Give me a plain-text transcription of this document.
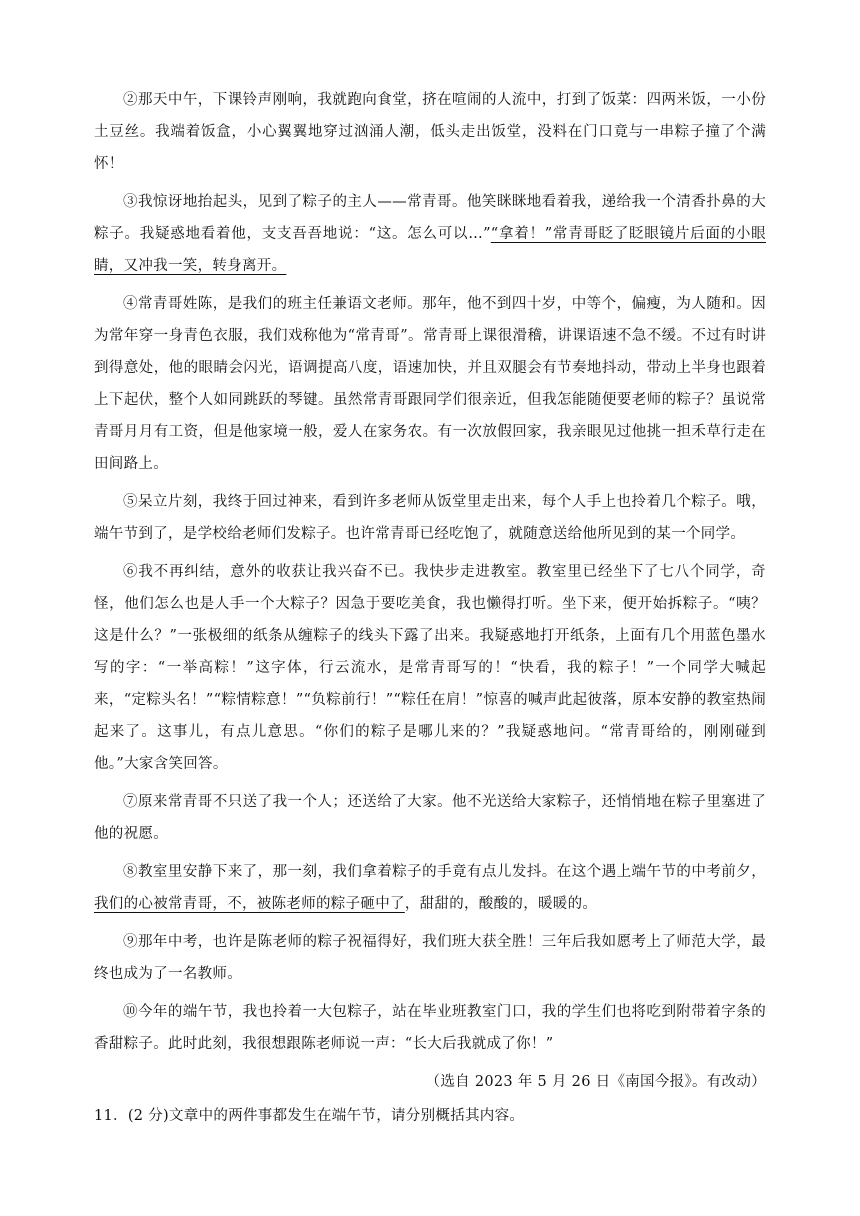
②那天中午，下课铃声刚响，我就跑向食堂，挤在喧闹的人流中，打到了饭菜：四两米饭，一小份土豆丝。我端着饭盒，小心翼翼地穿过汹涌人潮，低头走出饭堂，没料在门口竟与一串粽子撞了个满怀！

③我惊讶地抬起头，见到了粽子的主人——常青哥。他笑眯眯地看着我，递给我一个清香扑鼻的大粽子。我疑惑地看着他，支支吾吾地说：“这。怎么可以…”“拿着！”常青哥眨了眨眼镜片后面的小眼睛，又冲我一笑，转身离开。

④常青哥姓陈，是我们的班主任兼语文老师。那年，他不到四十岁，中等个，偏瘦，为人随和。因为常年穿一身青色衣服，我们戏称他为“常青哥”。常青哥上课很滑稽，讲课语速不急不缓。不过有时讲到得意处，他的眼睛会闪光，语调提高八度，语速加快，并且双腿会有节奏地抖动，带动上半身也跟着上下起伏，整个人如同跳跃的琴键。虽然常青哥跟同学们很亲近，但我怎能随便要老师的粽子？虽说常青哥月月有工资，但是他家境一般，爱人在家务农。有一次放假回家，我亲眼见过他挑一担禾草行走在田间路上。

⑤呆立片刻，我终于回过神来，看到许多老师从饭堂里走出来，每个人手上也拎着几个粽子。哦，端午节到了，是学校给老师们发粽子。也许常青哥已经吃饱了，就随意送给他所见到的某一个同学。

⑥我不再纠结，意外的收获让我兴奋不已。我快步走进教室。教室里已经坐下了七八个同学，奇怪，他们怎么也是人手一个大粽子？因急于要吃美食，我也懒得打听。坐下来，便开始拆粽子。“咦？这是什么？”一张极细的纸条从缠粽子的线头下露了出来。我疑惑地打开纸条，上面有几个用蓝色墨水写的字：“一举高粽！”这字体，行云流水，是常青哥写的！“快看，我的粽子！”一个同学大喊起来，“定粽头名！”“粽情粽意！”“负粽前行！”“粽任在肩！”惊喜的喊声此起彼落，原本安静的教室热闹起来了。这事儿，有点儿意思。“你们的粽子是哪儿来的？”我疑惑地问。“常青哥给的，刚刚碰到他。”大家含笑回答。

⑦原来常青哥不只送了我一个人；还送给了大家。他不光送给大家粽子，还悄悄地在粽子里塞进了他的祝愿。

⑧教室里安静下来了，那一刻，我们拿着粽子的手竟有点儿发抖。在这个遇上端午节的中考前夕，我们的心被常青哥，不，被陈老师的粽子砸中了，甜甜的，酸酸的，暖暖的。

⑨那年中考，也许是陈老师的粽子祝福得好，我们班大获全胜！三年后我如愿考上了师范大学，最终也成为了一名教师。

⑩今年的端午节，我也拎着一大包粽子，站在毕业班教室门口，我的学生们也将吃到附带着字条的香甜粽子。此时此刻，我很想跟陈老师说一声：“长大后我就成了你！”

（选自 2023 年 5 月 26 日《南国今报》。有改动）

11．(2 分)文章中的两件事都发生在端午节，请分别概括其内容。
